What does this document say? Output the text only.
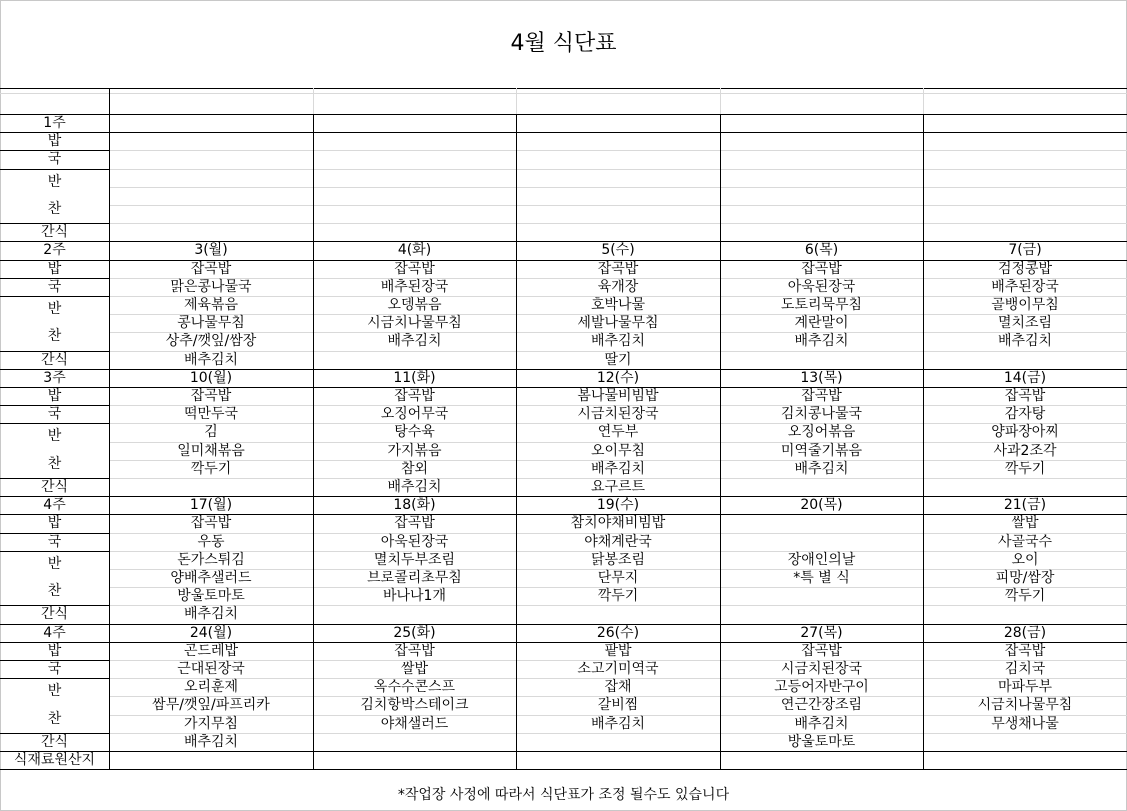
4월 식단표
*작업장 사정에 따라서 식단표가 조정 될수도 있습니다
1주
밥
국
반
찬
간식
2주
밥
국
반
찬
간식
3(월)
잡곡밥
맑은콩나물국
제육볶음
콩나물무침
상추/깻잎/쌈장
배추김치
4(화)
잡곡밥
배추된장국
오뎅볶음
시금치나물무침
배추김치
5(수)
잡곡밥
육개장
호박나물
세발나물무침
배추김치
딸기
6(목)
잡곡밥
아욱된장국
도토리묵무침
계란말이
배추김치
7(금)
검정콩밥
배추된장국
골뱅이무침
멸치조림
배추김치
3주
밥
국
반
찬
간식
10(월)
잡곡밥
떡만두국
김
일미채볶음
깍두기
11(화)
잡곡밥
오징어무국
탕수육
가지볶음
참외
배추김치
12(수)
봄나물비빔밥
시금치된장국
연두부
오이무침
배추김치
요구르트
13(목)
잡곡밥
김치콩나물국
오징어볶음
미역줄기볶음
배추김치
14(금)
잡곡밥
감자탕
양파장아찌
사과2조각
깍두기
4주
밥
국
반
찬
간식
17(월)
잡곡밥
우동
돈가스튀김
양배추샐러드
방울토마토
배추김치
18(화)
잡곡밥
아욱된장국
멸치두부조림
브로콜리초무침
바나나1개
19(수)
참치야채비빔밥
야채계란국
닭봉조림
단무지
깍두기
20(목)
장애인의날
*특 별 식
21(금)
쌀밥
사골국수
오이
피망/쌈장
깍두기
4주
밥
국
반
찬
간식
24(월)
곤드레밥
근대된장국
오리훈제
쌈무/깻잎/파프리카
가지무침
배추김치
25(화)
잡곡밥
쌀밥
옥수수콘스프
김치항박스테이크
야채샐러드
26(수)
팥밥
소고기미역국
잡채
갈비찜
배추김치
27(목)
잡곡밥
시금치된장국
고등어자반구이
연근간장조림
배추김치
방울토마토
28(금)
잡곡밥
김치국
마파두부
시금치나물무침
무생채나물
식재료원산지
